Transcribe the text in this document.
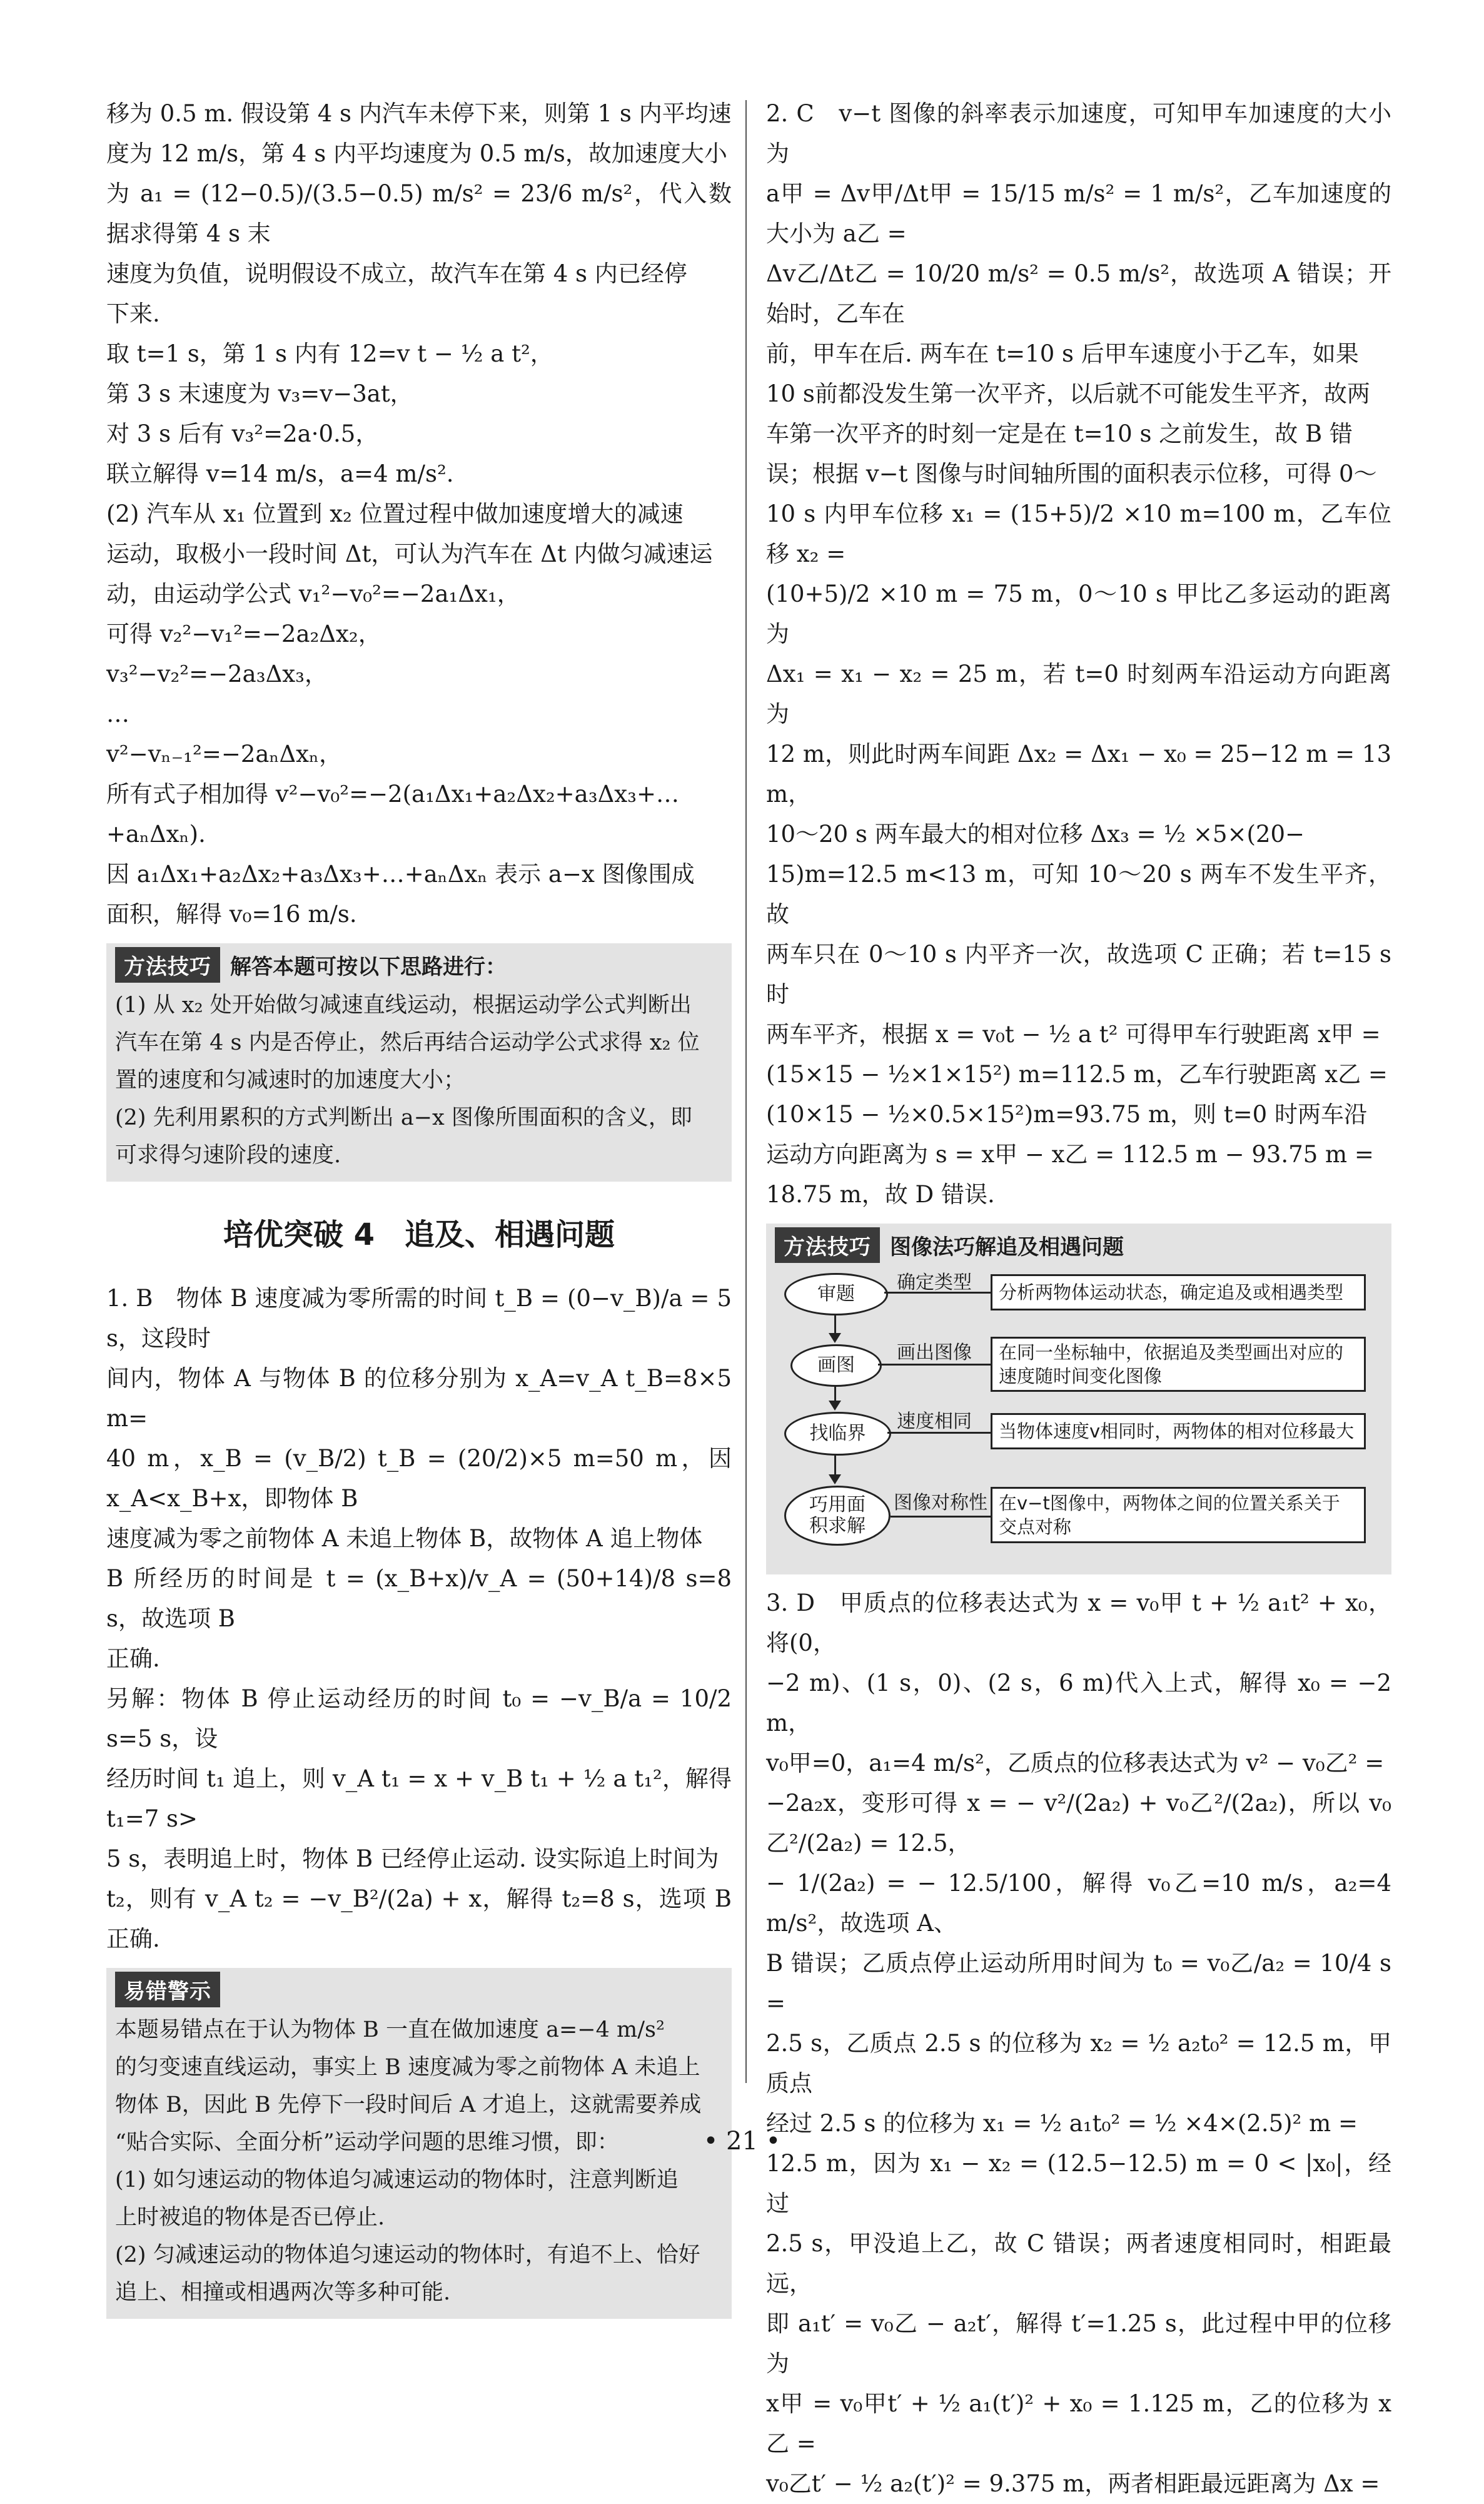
移为 0.5 m. 假设第 4 s 内汽车未停下来，则第 1 s 内平均速

度为 12 m/s，第 4 s 内平均速度为 0.5 m/s，故加速度大小

为 a₁ = (12−0.5)/(3.5−0.5) m/s² = 23/6 m/s²，代入数据求得第 4 s 末

速度为负值，说明假设不成立，故汽车在第 4 s 内已经停

下来.

取 t=1 s，第 1 s 内有 12=v t − ½ a t²，

第 3 s 末速度为 v₃=v−3at，

对 3 s 后有 v₃²=2a·0.5，

联立解得 v=14 m/s，a=4 m/s².

(2) 汽车从 x₁ 位置到 x₂ 位置过程中做加速度增大的减速

运动，取极小一段时间 Δt，可认为汽车在 Δt 内做匀减速运

动，由运动学公式 v₁²−v₀²=−2a₁Δx₁，

可得 v₂²−v₁²=−2a₂Δx₂，

v₃²−v₂²=−2a₃Δx₃，

…

v²−vₙ₋₁²=−2aₙΔxₙ，

所有式子相加得 v²−v₀²=−2(a₁Δx₁+a₂Δx₂+a₃Δx₃+…

+aₙΔxₙ).

因 a₁Δx₁+a₂Δx₂+a₃Δx₃+…+aₙΔxₙ 表示 a−x 图像围成

面积，解得 v₀=16 m/s.

方法技巧 解答本题可按以下思路进行：

(1) 从 x₂ 处开始做匀减速直线运动，根据运动学公式判断出

汽车在第 4 s 内是否停止，然后再结合运动学公式求得 x₂ 位

置的速度和匀减速时的加速度大小；

(2) 先利用累积的方式判断出 a−x 图像所围面积的含义，即

可求得匀速阶段的速度.

培优突破 4　追及、相遇问题

1. B　物体 B 速度减为零所需的时间 t_B = (0−v_B)/a = 5 s，这段时

间内，物体 A 与物体 B 的位移分别为 x_A=v_A t_B=8×5 m=

40 m，x_B = (v_B/2) t_B = (20/2)×5 m=50 m，因 x_A<x_B+x，即物体 B

速度减为零之前物体 A 未追上物体 B，故物体 A 追上物体

B 所经历的时间是 t = (x_B+x)/v_A = (50+14)/8 s=8 s，故选项 B

正确.

另解：物体 B 停止运动经历的时间 t₀ = −v_B/a = 10/2 s=5 s，设

经历时间 t₁ 追上，则 v_A t₁ = x + v_B t₁ + ½ a t₁²，解得 t₁=7 s>

5 s，表明追上时，物体 B 已经停止运动. 设实际追上时间为

t₂，则有 v_A t₂ = −v_B²/(2a) + x，解得 t₂=8 s，选项 B 正确.

易错警示

本题易错点在于认为物体 B 一直在做加速度 a=−4 m/s²

的匀变速直线运动，事实上 B 速度减为零之前物体 A 未追上

物体 B，因此 B 先停下一段时间后 A 才追上，这就需要养成

“贴合实际、全面分析”运动学问题的思维习惯，即：

(1) 如匀速运动的物体追匀减速运动的物体时，注意判断追

上时被追的物体是否已停止.

(2) 匀减速运动的物体追匀速运动的物体时，有追不上、恰好

追上、相撞或相遇两次等多种可能.

2. C　v−t 图像的斜率表示加速度，可知甲车加速度的大小为

a甲 = Δv甲/Δt甲 = 15/15 m/s² = 1 m/s²，乙车加速度的大小为 a乙 =

Δv乙/Δt乙 = 10/20 m/s² = 0.5 m/s²，故选项 A 错误；开始时，乙车在

前，甲车在后. 两车在 t=10 s 后甲车速度小于乙车，如果

10 s前都没发生第一次平齐，以后就不可能发生平齐，故两

车第一次平齐的时刻一定是在 t=10 s 之前发生，故 B 错

误；根据 v−t 图像与时间轴所围的面积表示位移，可得 0～

10 s 内甲车位移 x₁ = (15+5)/2 ×10 m=100 m，乙车位移 x₂ =

(10+5)/2 ×10 m = 75 m，0～10 s 甲比乙多运动的距离为

Δx₁ = x₁ − x₂ = 25 m，若 t=0 时刻两车沿运动方向距离为

12 m，则此时两车间距 Δx₂ = Δx₁ − x₀ = 25−12 m = 13 m，

10～20 s 两车最大的相对位移 Δx₃ = ½ ×5×(20−

15)m=12.5 m<13 m，可知 10～20 s 两车不发生平齐，故

两车只在 0～10 s 内平齐一次，故选项 C 正确；若 t=15 s 时

两车平齐，根据 x = v₀t − ½ a t² 可得甲车行驶距离 x甲 =

(15×15 − ½×1×15²) m=112.5 m，乙车行驶距离 x乙 =

(10×15 − ½×0.5×15²)m=93.75 m，则 t=0 时两车沿

运动方向距离为 s = x甲 − x乙 = 112.5 m − 93.75 m =

18.75 m，故 D 错误.

方法技巧 图像法巧解追及相遇问题
审题
画图
找临界
巧用面积求解
确定类型
画出图像
速度相同
图像对称性
分析两物体运动状态，确定追及或相遇类型
在同一坐标轴中，依据追及类型画出对应的速度随时间变化图像
当物体速度v相同时，两物体的相对位移最大
在v−t图像中，两物体之间的位置关系关于交点对称

3. D　甲质点的位移表达式为 x = v₀甲 t + ½ a₁t² + x₀，将(0，

−2 m)、(1 s，0)、(2 s，6 m)代入上式，解得 x₀ = −2 m，

v₀甲=0，a₁=4 m/s²，乙质点的位移表达式为 v² − v₀乙² =

−2a₂x，变形可得 x = − v²/(2a₂) + v₀乙²/(2a₂)，所以 v₀乙²/(2a₂) = 12.5，

− 1/(2a₂) = − 12.5/100，解得 v₀乙=10 m/s，a₂=4 m/s²，故选项 A、

B 错误；乙质点停止运动所用时间为 t₀ = v₀乙/a₂ = 10/4 s =

2.5 s，乙质点 2.5 s 的位移为 x₂ = ½ a₂t₀² = 12.5 m，甲质点

经过 2.5 s 的位移为 x₁ = ½ a₁t₀² = ½ ×4×(2.5)² m =

12.5 m，因为 x₁ − x₂ = (12.5−12.5) m = 0 < |x₀|，经过

2.5 s，甲没追上乙，故 C 错误；两者速度相同时，相距最远，

即 a₁t′ = v₀乙 − a₂t′，解得 t′=1.25 s，此过程中甲的位移为

x甲 = v₀甲t′ + ½ a₁(t′)² + x₀ = 1.125 m，乙的位移为 x乙 =

v₀乙t′ − ½ a₂(t′)² = 9.375 m，两者相距最远距离为 Δx =

• 21 •
